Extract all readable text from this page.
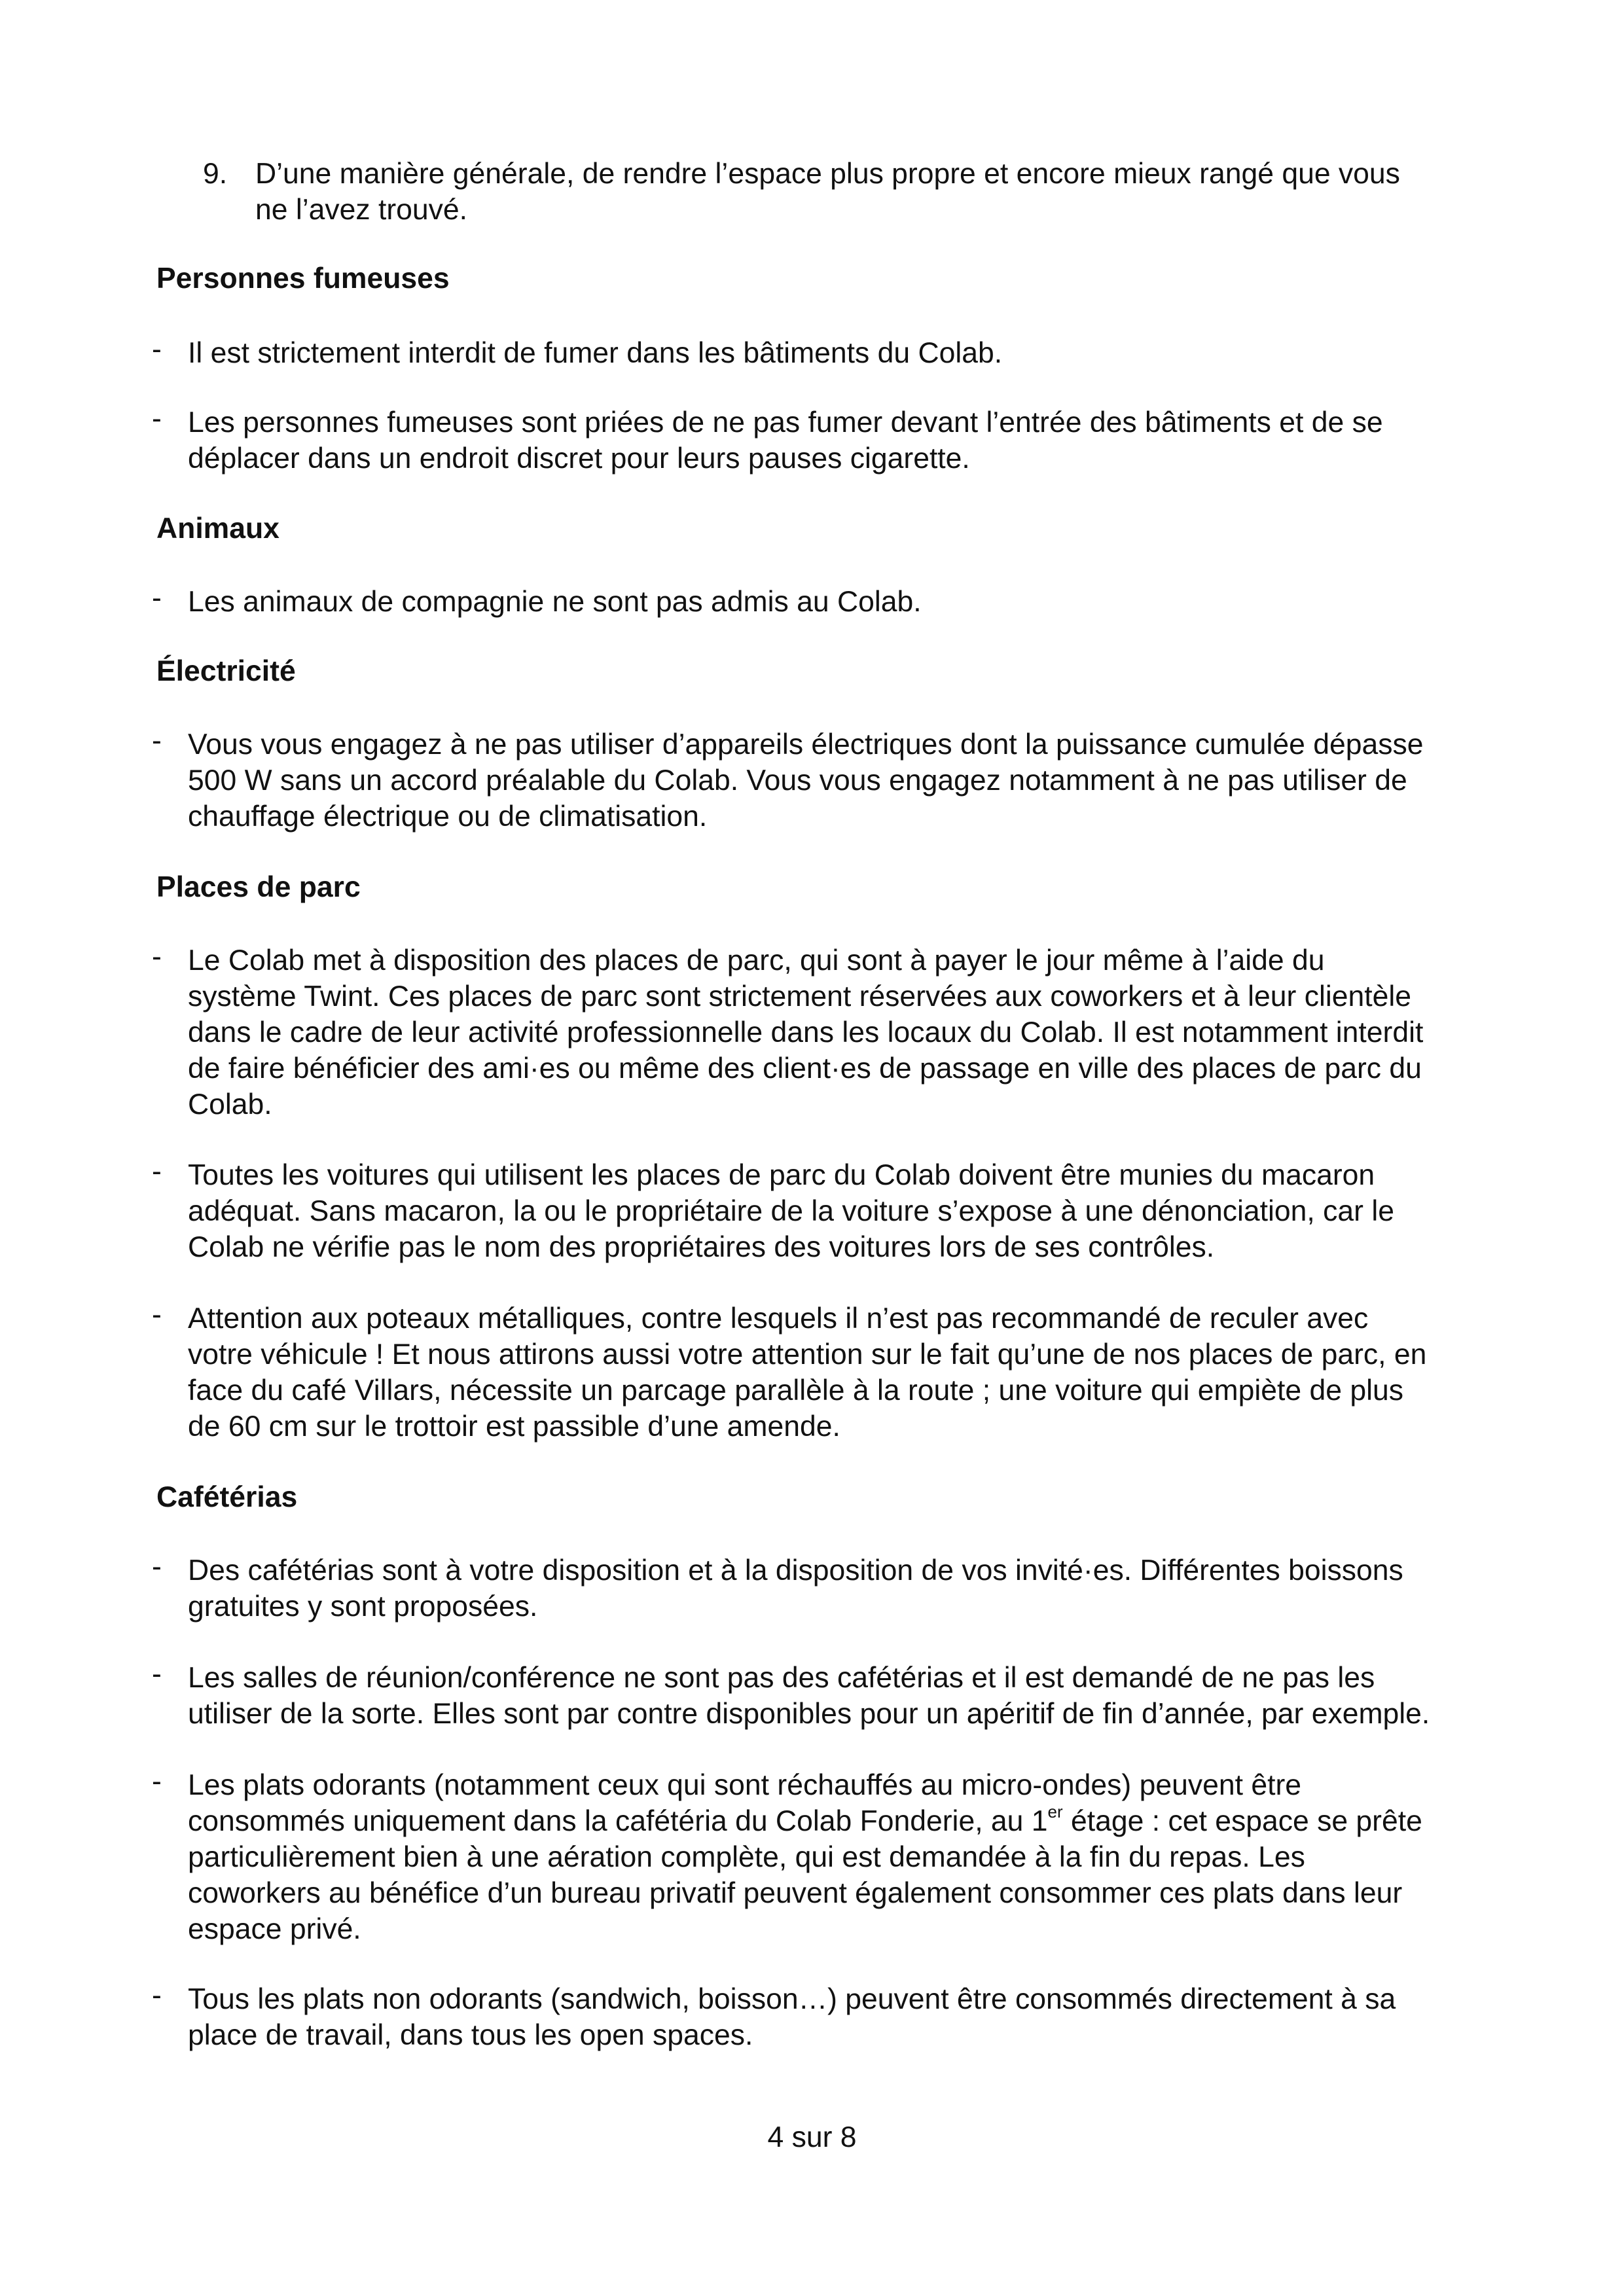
9. D’une manière générale, de rendre l’espace plus propre et encore mieux rangé que vous
ne l’avez trouvé.
Personnes fumeuses
- Il est strictement interdit de fumer dans les bâtiments du Colab.
- Les personnes fumeuses sont priées de ne pas fumer devant l’entrée des bâtiments et de se
déplacer dans un endroit discret pour leurs pauses cigarette.
Animaux
- Les animaux de compagnie ne sont pas admis au Colab.
Électricité
- Vous vous engagez à ne pas utiliser d’appareils électriques dont la puissance cumulée dépasse
500 W sans un accord préalable du Colab. Vous vous engagez notamment à ne pas utiliser de
chauffage électrique ou de climatisation.
Places de parc
- Le Colab met à disposition des places de parc, qui sont à payer le jour même à l’aide du
système Twint. Ces places de parc sont strictement réservées aux coworkers et à leur clientèle
dans le cadre de leur activité professionnelle dans les locaux du Colab. Il est notamment interdit
de faire bénéficier des ami·es ou même des client·es de passage en ville des places de parc du
Colab.
- Toutes les voitures qui utilisent les places de parc du Colab doivent être munies du macaron
adéquat. Sans macaron, la ou le propriétaire de la voiture s’expose à une dénonciation, car le
Colab ne vérifie pas le nom des propriétaires des voitures lors de ses contrôles.
- Attention aux poteaux métalliques, contre lesquels il n’est pas recommandé de reculer avec
votre véhicule ! Et nous attirons aussi votre attention sur le fait qu’une de nos places de parc, en
face du café Villars, nécessite un parcage parallèle à la route ; une voiture qui empiète de plus
de 60 cm sur le trottoir est passible d’une amende.
Cafétérias
- Des cafétérias sont à votre disposition et à la disposition de vos invité·es. Différentes boissons
gratuites y sont proposées.
- Les salles de réunion/conférence ne sont pas des cafétérias et il est demandé de ne pas les
utiliser de la sorte. Elles sont par contre disponibles pour un apéritif de fin d’année, par exemple.
- Les plats odorants (notamment ceux qui sont réchauffés au micro-ondes) peuvent être
consommés uniquement dans la cafétéria du Colab Fonderie, au 1er étage : cet espace se prête
particulièrement bien à une aération complète, qui est demandée à la fin du repas. Les
coworkers au bénéfice d’un bureau privatif peuvent également consommer ces plats dans leur
espace privé.
- Tous les plats non odorants (sandwich, boisson…) peuvent être consommés directement à sa
place de travail, dans tous les open spaces.
4 sur 8
